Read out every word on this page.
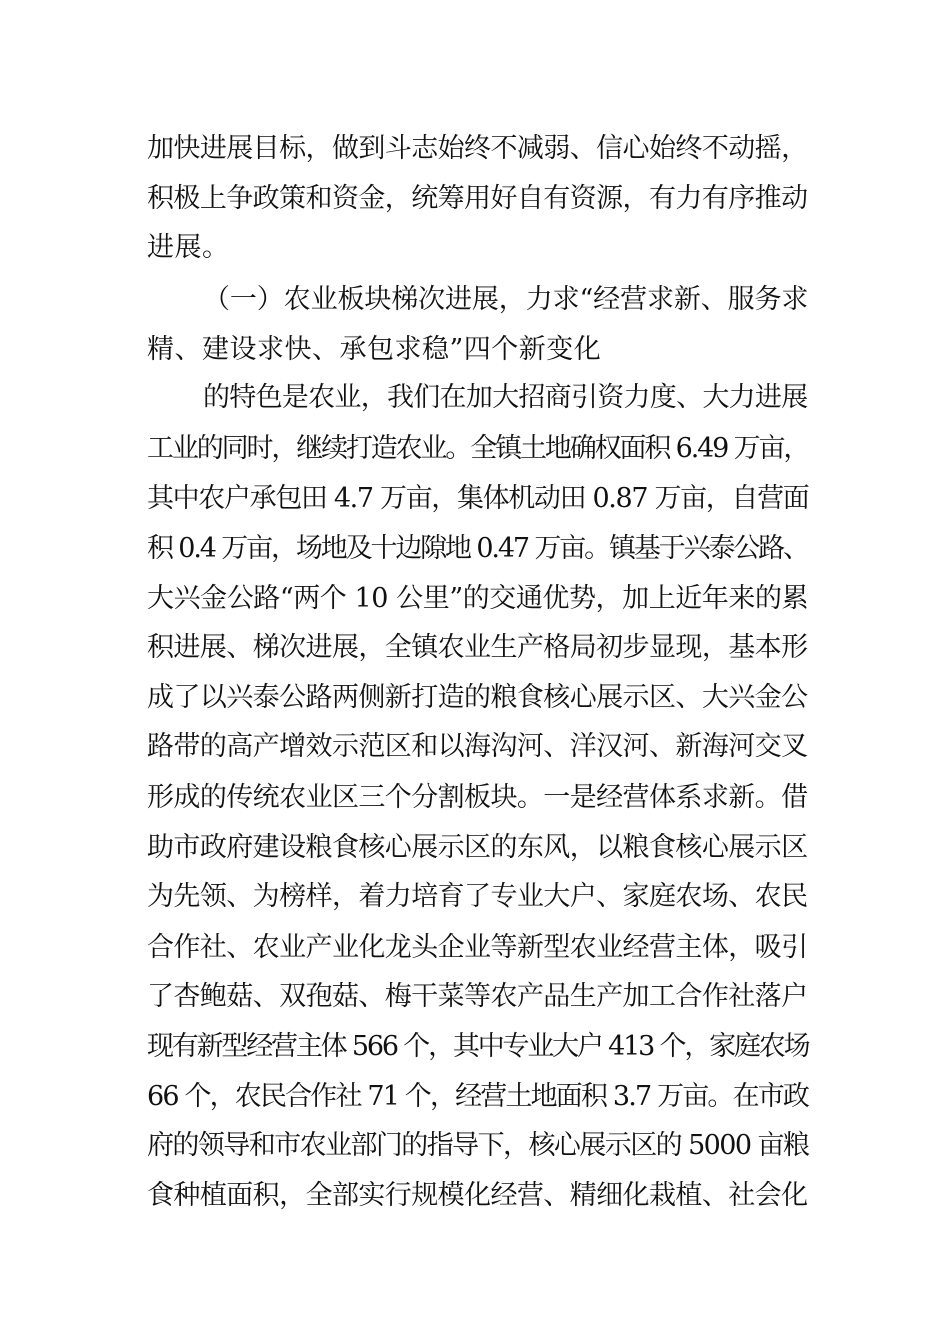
加快进展目标，做到斗志始终不减弱、信心始终不动摇，
积极上争政策和资金，统筹用好自有资源，有力有序推动
进展。
（一）农业板块梯次进展，力求“经营求新、服务求
精、建设求快、承包求稳”四个新变化
的特色是农业，我们在加大招商引资力度、大力进展
工业的同时，继续打造农业。全镇土地确权面积 6.49 万亩，
其中农户承包田 4.7 万亩，集体机动田 0.87 万亩，自营面
积 0.4 万亩，场地及十边隙地 0.47 万亩。镇基于兴泰公路、
大兴金公路“两个 10 公里”的交通优势，加上近年来的累
积进展、梯次进展，全镇农业生产格局初步显现，基本形
成了以兴泰公路两侧新打造的粮食核心展示区、大兴金公
路带的高产增效示范区和以海沟河、洋汉河、新海河交叉
形成的传统农业区三个分割板块。一是经营体系求新。借
助市政府建设粮食核心展示区的东风，以粮食核心展示区
为先领、为榜样，着力培育了专业大户、家庭农场、农民
合作社、农业产业化龙头企业等新型农业经营主体，吸引
了杏鲍菇、双孢菇、梅干菜等农产品生产加工合作社落户
现有新型经营主体 566 个，其中专业大户 413 个，家庭农场
66 个，农民合作社 71 个，经营土地面积 3.7 万亩。在市政
府的领导和市农业部门的指导下，核心展示区的 5000 亩粮
食种植面积，全部实行规模化经营、精细化栽植、社会化
